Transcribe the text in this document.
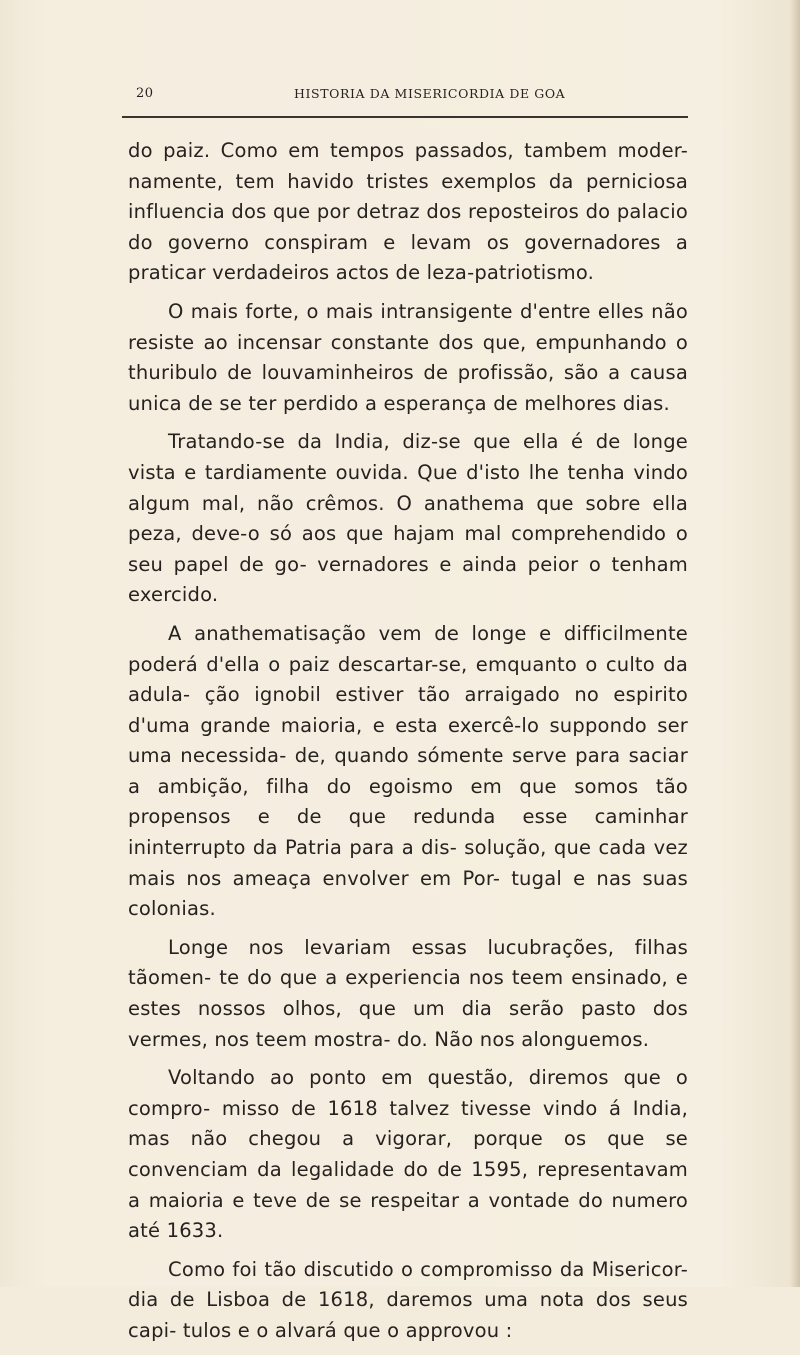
20	HISTORIA DA MISERICORDIA DE GOA

do paiz. Como em tempos passados, tambem moder- namente, tem havido tristes exemplos da perniciosa influencia dos que por detraz dos reposteiros do palacio do governo conspiram e levam os governadores a praticar verdadeiros actos de leza-patriotismo.

O mais forte, o mais intransigente d'entre elles não resiste ao incensar constante dos que, empunhando o thuribulo de louvaminheiros de profissão, são a causa unica de se ter perdido a esperança de melhores dias.

Tratando-se da India, diz-se que ella é de longe vista e tardiamente ouvida. Que d'isto lhe tenha vindo algum mal, não crêmos. O anathema que sobre ella peza, deve-o só aos que hajam mal comprehendido o seu papel de go- vernadores e ainda peior o tenham exercido.

A anathematisação vem de longe e difficilmente poderá d'ella o paiz descartar-se, emquanto o culto da adula- ção ignobil estiver tão arraigado no espirito d'uma grande maioria, e esta exercê-lo suppondo ser uma necessida- de, quando sómente serve para saciar a ambição, filha do egoismo em que somos tão propensos e de que redunda esse caminhar ininterrupto da Patria para a dis- solução, que cada vez mais nos ameaça envolver em Por- tugal e nas suas colonias.

Longe nos levariam essas lucubrações, filhas tãomen- te do que a experiencia nos teem ensinado, e estes nossos olhos, que um dia serão pasto dos vermes, nos teem mostra- do. Não nos alonguemos.

Voltando ao ponto em questão, diremos que o compro- misso de 1618 talvez tivesse vindo á India, mas não chegou a vigorar, porque os que se convenciam da legalidade do de 1595, representavam a maioria e teve de se respeitar a vontade do numero até 1633.

Como foi tão discutido o compromisso da Misericor- dia de Lisboa de 1618, daremos uma nota dos seus capi- tulos e o alvará que o approvou :
